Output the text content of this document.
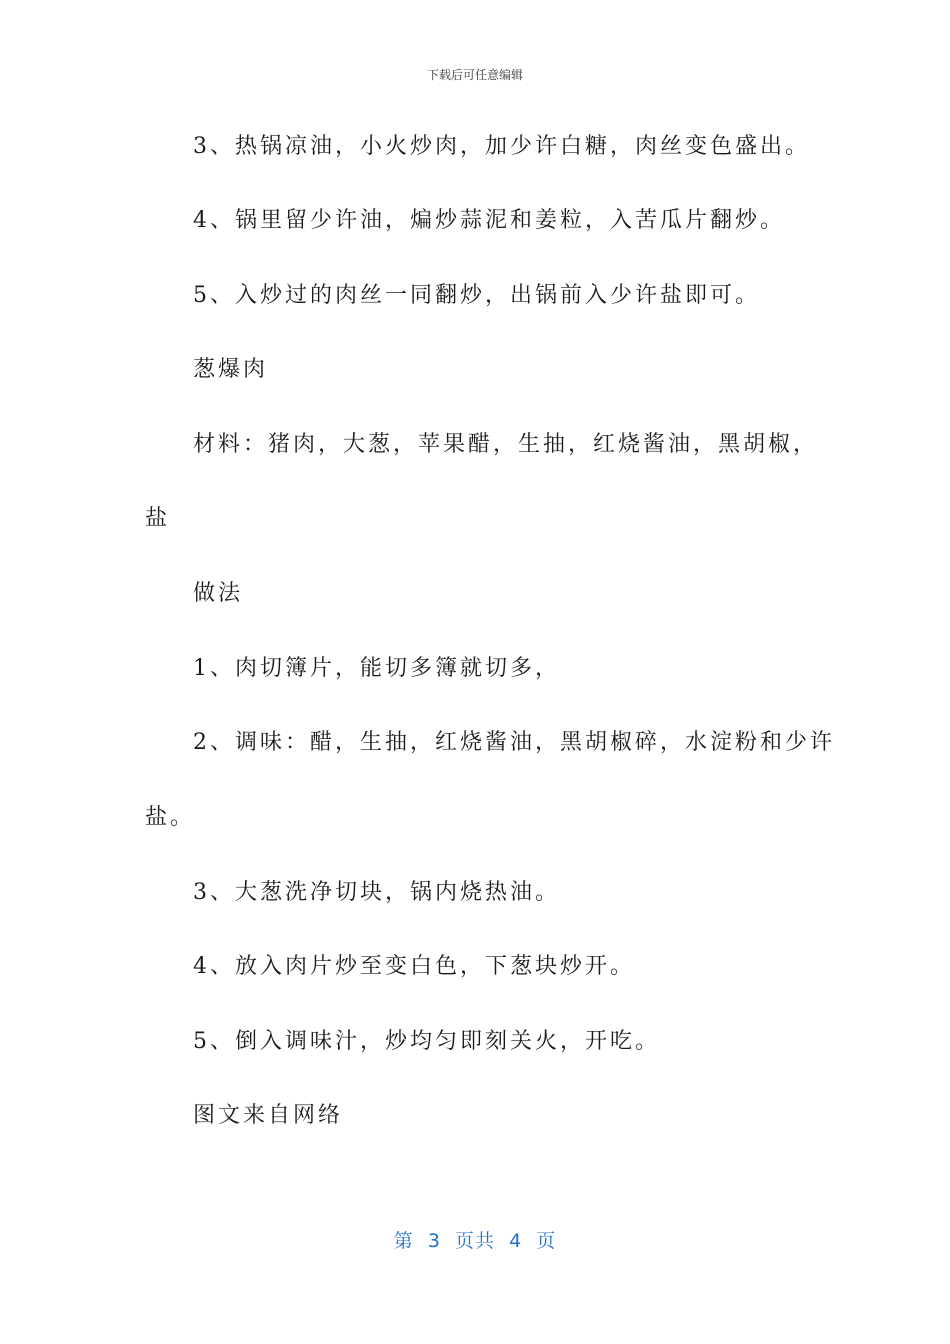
下载后可任意编辑
3、热锅凉油，小火炒肉，加少许白糖，肉丝变色盛出。
4、锅里留少许油，煸炒蒜泥和姜粒，入苦瓜片翻炒。
5、入炒过的肉丝一同翻炒，出锅前入少许盐即可。
葱爆肉
材料：猪肉，大葱，苹果醋，生抽，红烧酱油，黑胡椒，
盐
做法
1、肉切簿片，能切多簿就切多，
2、调味：醋，生抽，红烧酱油，黑胡椒碎，水淀粉和少许
盐。
3、大葱洗净切块，锅内烧热油。
4、放入肉片炒至变白色，下葱块炒开。
5、倒入调味汁，炒均匀即刻关火，开吃。
图文来自网络
第  3  页共  4  页
